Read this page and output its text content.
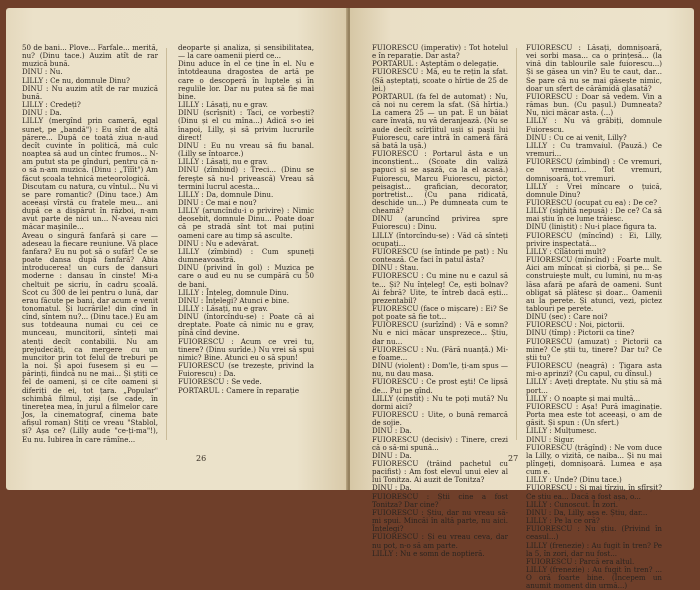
50 de bani... Plove... Farfale... merită, nu? (Dinu tace.) Auzim atît de rar muzică bună.

DINU : Nu.

LILLY : Ce nu, domnule Dinu?

DINU : Nu auzim atît de rar muzică bună.

LILLY : Credeți?

DINU : Da.

LILLY (mergînd prin cameră, egal sunet, pe „bandă") : Eu sînt de altă părere... După ce toată ziua n-aud decît cuvinte în politică, mă culc noaptea să aud un cîntec frumos... N-am putut sta pe gînduri, pentru că n-o să n-am muzică. (Dinu : „Tîîît") Am făcut școala tehnică meteorologică.

Discutam cu natura, cu vîntul... Nu vi se pare romantic? (Dinu tace.) Am aceeași vîrstă cu fratele meu... ani după ce a dispărut în război, n-am avut parte de nici un... N-aveau nici măcar maşinile...

Aveau o singură fanfară și care — adeseau la fiecare reuniune. Vă place fanfara? Eu nu pot să o sufăr! Ce se poate dansa după fanfară? Abia introducerea! un curs de dansuri moderne : dansau în cinste! Mi-a cheltuit pe sicriu, în cadru școală. Scot cu 300 de lei pentru o lună, dar erau făcute pe bani, dar acum e venit tonomatul. Și lucrările! din cînd în cînd, sîntem nu?... (Dinu tace.) Eu am sus totdeauna numai cu cei ce munceau, muncitorii, sînteți mai atenți decît contabilii. Nu am prejudecăți, ca mergere cu un muncitor prin tot felul de treburi pe la noi. Și apoi fusesem și eu — părinți, fiindcă nu ne mai... Și știți ce fel de oameni, și ce cîte oameni și diferiți de ei, tot țara. „Popular" schimbă filmul, zişi (se cade, în tinerețea mea, în jurul a filmelor care Jos, la cinematograf, cinema bate afișul roman) Stiți ce vreau "Stablol, și? Așa ce? (Lilly aude "ce-ți-ma"!), Eu nu. Iubirea în care rămîne...

deoparte și analiza, și sensibilitatea, — la care oamenii pierd ce...

Dinu aduce în el ce ține în el. Nu e întotdeauna dragostea de artă pe care o descoperă în luptele și în regulile lor. Dar nu putea să fie mai bine.

LILLY : Lăsați, nu e grav.

DINU (scrîșnit) : Taci, ce vorbești? (Dinu și el cu mîna...) Adică s-o iei înapoi, Lilly, și să privim lucrurile direct!

DINU : Eu nu vreau să fiu banal. (Lilly se întoarce.)

LILLY : Lăsați, nu e grav.

DINU (zîmbind) : Treci... (Dinu se fereşte să nu-l privească) Vreau să termini lucrul acesta...

LILLY : Da, domnule Dinu.

DINU : Ce mai e nou?

LILLY (aruncîndu-i o privire) : Nimic deosebit, domnule Dinu... Poate doar că pe stradă sînt tot mai puțini oameni care au timp să asculte.

DINU : Nu e adevărat.

LILLY (zîmbind) : Cum spuneți dumneavoastră.

DINU (privind în gol) : Muzica pe care o aud eu nu se cumpără cu 50 de bani.

LILLY : Înțeleg, domnule Dinu.

DINU : Înțelegi? Atunci e bine.

LILLY : Lăsați, nu e grav.

DINU (întorcîndu-se) : Poate că ai dreptate. Poate că nimic nu e grav, pînă cînd devine.

FUIORESCU : Acum ce vrei tu, tinere? (Dinu surîde.) Nu vrei să spui nimic? Bine. Atunci eu o să spun!

FUIORESCU (se trezește, privind la Fuiorescu) : Da.

FUIORESCU : Se vede.

PORTARUL : Camere în reparație

26

FUIORESCU (imperativ) : Tot hotelul e în reparație. Dar asta?

PORTARUL : Așteptăm o delegație.

FUIORESCU : Mă, eu te rețin la sfat. (Să așteptați, scoate o hîrtie de 25 de lei.)

PORTARUL (fa fel de automat) : Nu, că noi nu cerem la sfat. (Să hîrtia.) La camera 25 — un pat. E un băiat care învață, nu vă deranjează. (Nu se aude decît scîrțîitul ușii și pașii lui Fuiorescu, care intră în cameră fără să bată la ușă.)

FUIORESCU : Portarul ăsta e un inconștient... (Scoate din valiză papuci și se așază, ca la el acasă.) Fuiorescu, Marcu Fuiorescu, pictor, peisagist... grafician, decorator, portretist... (Cu pana ridicată, deschide un...) Pe dumneata cum te cheamă?

DINU (aruncînd privirea spre Fuiorescu) : Dinu.

LILLY (întorcîndu-se) : Văd că sînteți ocupați...

FUIORESCU (se întinde pe pat) : Nu contează. Ce faci în patul ăsta?

DINU : Stau.

FUIORESCU : Cu mine nu e cazul să te... Și? Nu înțeleg! Ce, ești bolnav? Ai febră? Uite, te întreb dacă ești... prezentabil?

FUIORESCU (face o mișcare) : Ei? Se pot poate să fie tot...

FUIORESCU (surîzînd) : Vă e somn? Nu e nici măcar unsprezece... Știu, dar nu...

FUIORESCU : Nu. (Fără nuanță.) Mi-e foame...

DINU (violent) : Dom'le, ți-am spus — nu, nu dau masa.

FUIORESCU : Ce prost eşti! Ce lipsă de... Pui pe gînd.

LILLY (cinstit) : Nu te poți mută? Nu dormi aici?

FUIORESCU : Uite, o bună remarcă de sojie.

DINU : Da.

FUIORESCU (decisiv) : Tinere, crezi că o să-mi spună...

DINU : Da.

FUIORESCU (trăind pachetul cu pacifist) : Am fost elevul unui elev al lui Tonitza. Ai auzit de Tonitza?

DINU : Da.

FUIORESCU : Știi cine a fost Tonitza? Dar cine?

FUIORESCU : Știu, dar nu vreau să-mi spui. Mincăi în altă parte, nu aici. Înțelegi?

FUIORESCU : Și eu vreau ceva, dar nu pot, n-o să am parte.

LILLY : Nu e somn de noptieră.

FUIORESCU : Lăsați, domnișoară, vei sorbi masa... ca o prințesă... (la vină din tablourile sale fuiorescu...) Și se găsea un vin? Eu te caut, dar... Se pare că nu se mai găsește nimic, doar un sfert de cărămidă glasată?

FUIORESCU : Doar să vedem. Vin a rămas bun. (Cu pașul.) Dumneata? Nu, nici măcar asta. (...)

LILLY : Nu vă grăbiți, domnule Fuiorescu.

DINU : Cu ce ai venit, Lilly?

LILLY : Cu tramvaiul. (Pauză.) Ce vremuri...

FUIORESCU (zîmbind) : Ce vremuri, ce vremuri... Tot vremuri, domnișoară, tot vremuri.

LILLY : Vrei mîncare o țuică, domnule Dinu?

FUIORESCU (ocupat cu ea) : De ce?

LILLY (sighiță nepusă) : De ce? Ca să mai știu în ce lume trăiesc.

DINU (liniștit) : Nu-i place figura ta.

FUIORESCU (mîncînd) : Ei, Lilly, privire inspectată...

LILLY : Cîlătorii mult?

FUIORESCU (mîncînd) : Foarte mult. Aici am mîncat și ciorbă, și pe... Se construiește mult, cu lumini, nu m-aș lăsa afară pe afară de oameni. Sunt obligat să plătesc și doar... Oamenii au la perete. Și atunci, vezi, pictez tablouri pe perete.

DINU (sec) : Care noi?

FUIORESCU : Noi, pictorii.

DINU (tîmp) : Pictorii ca tine?

FUIORESCU (amuzat) : Pictorii ca mine? Ce știi tu, tinere? Dar tu? Ce știi tu?

FUIORESCU (neagră) : Țigara asta mi-o aprinzi? (Cu capul, cu dînsul.)

LILLY : Aveți dreptate. Nu știu să mă port...

LILLY : O noapte și mai multă...

FUIORESCU : Așa! Pură imaginație. Porta mea este tot aceeași, o am de găsit. Și spun : (Un sfert.)

LILLY : Mulțumesc.

DINU : Sigur.

FUIORESCU (trăgînd) : Ne vom duce la Lilly, o vizită, ce naiba... Și nu mai plîngeți, domnișoară. Lumea e așa cum e.

LILLY : Unde? (Dinu tace.)

FUIORESCU : Și mai tîrziu, în sfîrșit? Ce știu ea... Dacă a fost așa, o...

LILLY : Cunoscut. În zori.

DINU : Da, Lilly, așa e. Știu, dar...

LILLY : Pe la ce oră?

FUIORESCU : Nu știu. (Privind în ceasul...)

LILLY (frenezie) : Au fugit în tren? Pe la 5, în zori, dar nu fost...

FUIORESCU : Parcă era altul.

LILLY (frenezie) : Au fugit în tren? ... O oră foarte bine. (Începem un anumit moment din urmă...)

27
